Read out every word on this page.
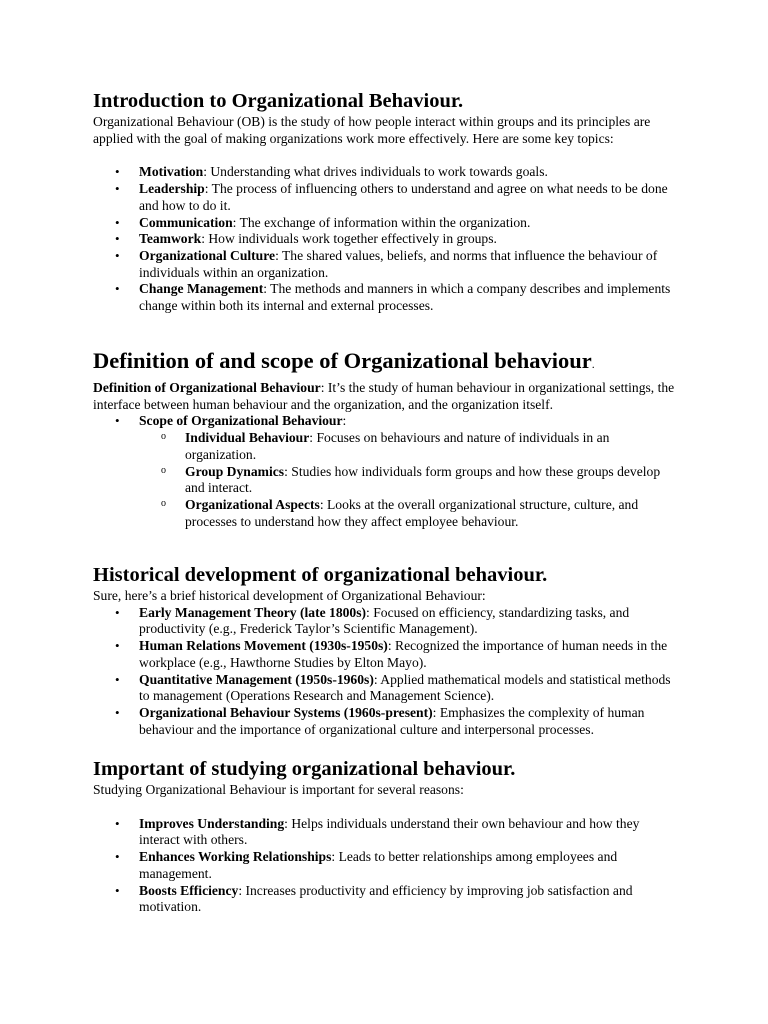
Introduction to Organizational Behaviour.

Organizational Behaviour (OB) is the study of how people interact within groups and its principles are applied with the goal of making organizations work more effectively. Here are some key topics:

• Motivation: Understanding what drives individuals to work towards goals.
• Leadership: The process of influencing others to understand and agree on what needs to be done and how to do it.
• Communication: The exchange of information within the organization.
• Teamwork: How individuals work together effectively in groups.
• Organizational Culture: The shared values, beliefs, and norms that influence the behaviour of individuals within an organization.
• Change Management: The methods and manners in which a company describes and implements change within both its internal and external processes.
Definition of and scope of Organizational behaviour.

Definition of Organizational Behaviour: It’s the study of human behaviour in organizational settings, the interface between human behaviour and the organization, and the organization itself.

• Scope of Organizational Behaviour:
o Individual Behaviour: Focuses on behaviours and nature of individuals in an organization.
o Group Dynamics: Studies how individuals form groups and how these groups develop and interact.
o Organizational Aspects: Looks at the overall organizational structure, culture, and processes to understand how they affect employee behaviour.
Historical development of organizational behaviour.

Sure, here’s a brief historical development of Organizational Behaviour:

• Early Management Theory (late 1800s): Focused on efficiency, standardizing tasks, and productivity (e.g., Frederick Taylor’s Scientific Management).
• Human Relations Movement (1930s-1950s): Recognized the importance of human needs in the workplace (e.g., Hawthorne Studies by Elton Mayo).
• Quantitative Management (1950s-1960s): Applied mathematical models and statistical methods to management (Operations Research and Management Science).
• Organizational Behaviour Systems (1960s-present): Emphasizes the complexity of human behaviour and the importance of organizational culture and interpersonal processes.
Important of studying organizational behaviour.

Studying Organizational Behaviour is important for several reasons:

• Improves Understanding: Helps individuals understand their own behaviour and how they interact with others.
• Enhances Working Relationships: Leads to better relationships among employees and management.
• Boosts Efficiency: Increases productivity and efficiency by improving job satisfaction and motivation.
